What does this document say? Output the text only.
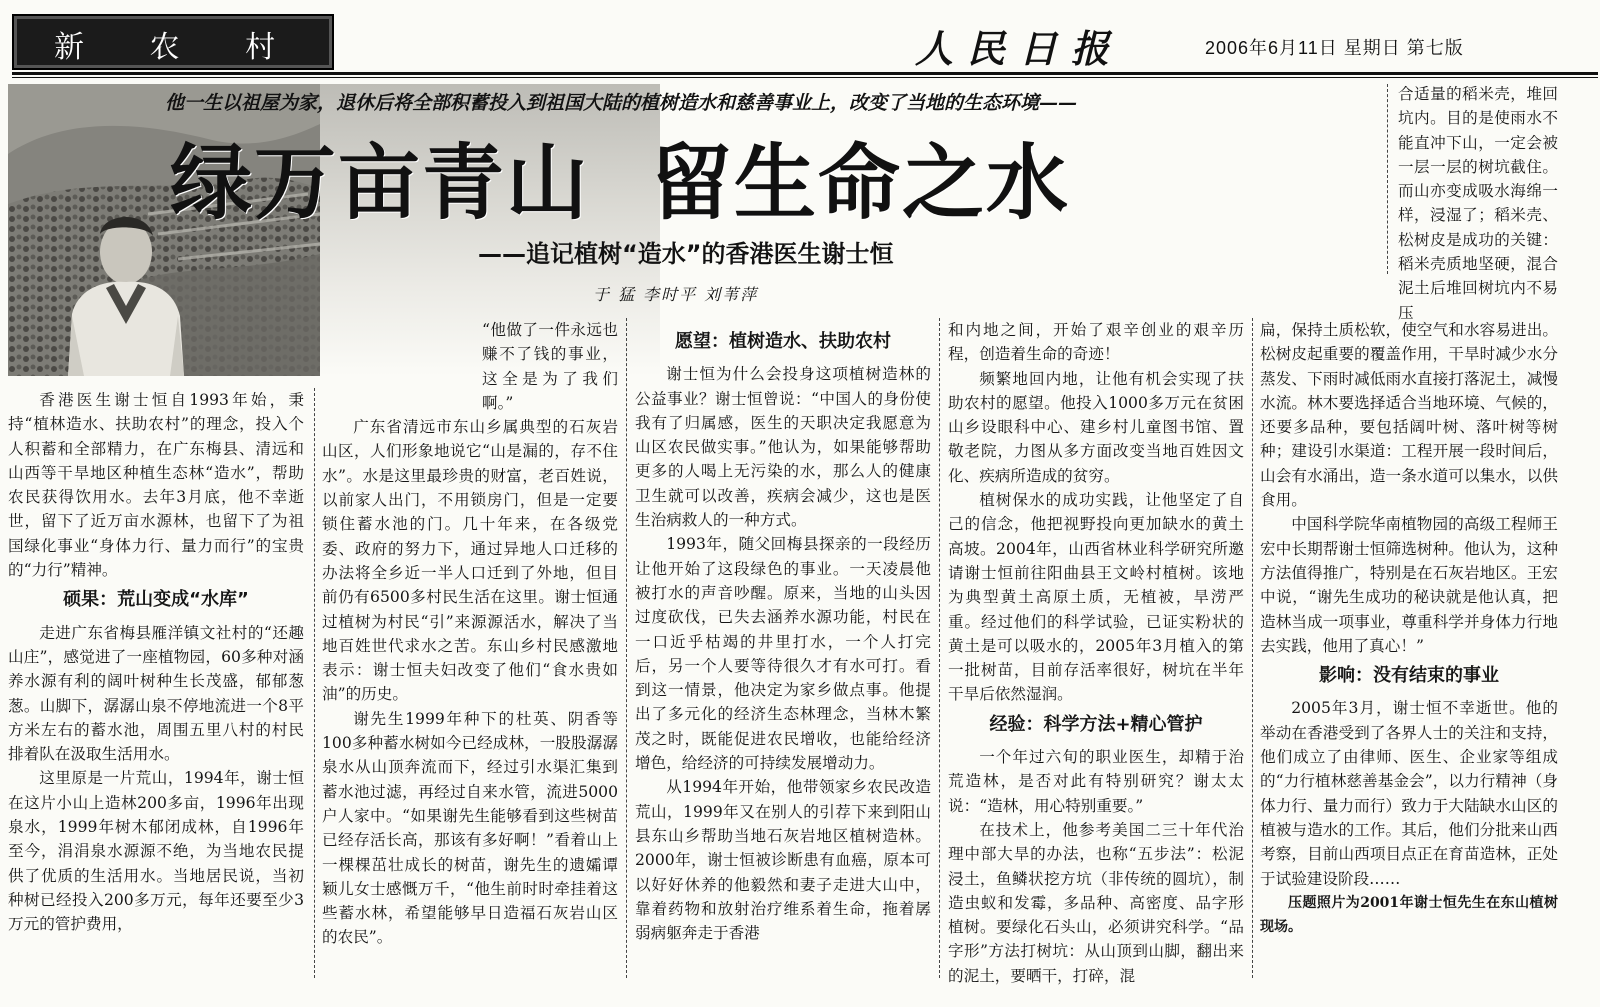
新 农 村	人民日报	2006年6月11日 星期日 第七版
他一生以祖屋为家，退休后将全部积蓄投入到祖国大陆的植树造水和慈善事业上，改变了当地的生态环境——
绿万亩青山 留生命之水
——追记植树“造水”的香港医生谢士恒
于 猛 李时平 刘苇萍

合适量的稻米壳，堆回坑内。目的是使雨水不能直冲下山，一定会被一层一层的树坑截住。而山亦变成吸水海绵一样，浸湿了；稻米壳、松树皮是成功的关键：稻米壳质地坚硬，混合泥土后堆回树坑内不易压

香港医生谢士恒自1993年始，秉持“植林造水、扶助农村”的理念，投入个人积蓄和全部精力，在广东梅县、清远和山西等干旱地区种植生态林“造水”，帮助农民获得饮用水。去年3月底，他不幸逝世，留下了近万亩水源林，也留下了为祖国绿化事业“身体力行、量力而行”的宝贵的“力行”精神。

硕果：荒山变成“水库”

走进广东省梅县雁洋镇文社村的“还趣山庄”，感觉进了一座植物园，60多种对涵养水源有利的阔叶树种生长茂盛，郁郁葱葱。山脚下，潺潺山泉不停地流进一个8平方米左右的蓄水池，周围五里八村的村民排着队在汲取生活用水。

这里原是一片荒山，1994年，谢士恒在这片小山上造林200多亩，1996年出现泉水，1999年树木郁闭成林，自1996年至今，涓涓泉水源源不绝，为当地农民提供了优质的生活用水。当地居民说，当初种树已经投入200多万元，每年还要至少3万元的管护费用，

“他做了一件永远也赚不了钱的事业，这全是为了我们啊。”

广东省清远市东山乡属典型的石灰岩山区，人们形象地说它“山是漏的，存不住水”。水是这里最珍贵的财富，老百姓说，以前家人出门，不用锁房门，但是一定要锁住蓄水池的门。几十年来，在各级党委、政府的努力下，通过异地人口迁移的办法将全乡近一半人口迁到了外地，但目前仍有6500多村民生活在这里。谢士恒通过植树为村民“引”来源源活水，解决了当地百姓世代求水之苦。东山乡村民感激地表示：谢士恒夫妇改变了他们“食水贵如油”的历史。

谢先生1999年种下的杜英、阴香等100多种蓄水树如今已经成林，一股股潺潺泉水从山顶奔流而下，经过引水渠汇集到蓄水池过滤，再经过自来水管，流进5000户人家中。“如果谢先生能够看到这些树苗已经存活长高，那该有多好啊！”看着山上一棵棵茁壮成长的树苗，谢先生的遗孀谭颖儿女士感慨万千，“他生前时时牵挂着这些蓄水林，希望能够早日造福石灰岩山区的农民”。

愿望：植树造水、扶助农村

谢士恒为什么会投身这项植树造林的公益事业？谢士恒曾说：“中国人的身份使我有了归属感，医生的天职决定我愿意为山区农民做实事。”他认为，如果能够帮助更多的人喝上无污染的水，那么人的健康卫生就可以改善，疾病会减少，这也是医生治病救人的一种方式。

1993年，随父回梅县探亲的一段经历让他开始了这段绿色的事业。一天凌晨他被打水的声音吵醒。原来，当地的山头因过度砍伐，已失去涵养水源功能，村民在一口近乎枯竭的井里打水，一个人打完后，另一个人要等待很久才有水可打。看到这一情景，他决定为家乡做点事。他提出了多元化的经济生态林理念，当林木繁茂之时，既能促进农民增收，也能给经济增色，给经济的可持续发展增动力。

从1994年开始，他带领家乡农民改造荒山，1999年又在别人的引荐下来到阳山县东山乡帮助当地石灰岩地区植树造林。2000年，谢士恒被诊断患有血癌，原本可以好好休养的他毅然和妻子走进大山中，靠着药物和放射治疗维系着生命，拖着孱弱病躯奔走于香港

和内地之间，开始了艰辛创业的艰辛历程，创造着生命的奇迹！

频繁地回内地，让他有机会实现了扶助农村的愿望。他投入1000多万元在贫困山乡设眼科中心、建乡村儿童图书馆、置敬老院，力图从多方面改变当地百姓因文化、疾病所造成的贫穷。

植树保水的成功实践，让他坚定了自己的信念，他把视野投向更加缺水的黄土高坡。2004年，山西省林业科学研究所邀请谢士恒前往阳曲县王文岭村植树。该地为典型黄土高原土质，无植被，旱涝严重。经过他们的科学试验，已证实粉状的黄土是可以吸水的，2005年3月植入的第一批树苗，目前存活率很好，树坑在半年干旱后依然湿润。

经验：科学方法+精心管护

一个年过六旬的职业医生，却精于治荒造林，是否对此有特别研究？谢太太说：“造林，用心特别重要。”

在技术上，他参考美国二三十年代治理中部大旱的办法，也称“五步法”：松泥浸土，鱼鳞状挖方坑（非传统的圆坑），制造虫蚁和发霉，多品种、高密度、品字形植树。要绿化石头山，必须讲究科学。“品字形”方法打树坑：从山顶到山脚，翻出来的泥土，要晒干，打碎，混

扁，保持土质松软，使空气和水容易进出。松树皮起重要的覆盖作用，干旱时减少水分蒸发、下雨时减低雨水直接打落泥土，减慢水流。林木要选择适合当地环境、气候的，还要多品种，要包括阔叶树、落叶树等树种；建设引水渠道：工程开展一段时间后，山会有水涌出，造一条水道可以集水，以供食用。

中国科学院华南植物园的高级工程师王宏中长期帮谢士恒筛选树种。他认为，这种方法值得推广，特别是在石灰岩地区。王宏中说，“谢先生成功的秘诀就是他认真，把造林当成一项事业，尊重科学并身体力行地去实践，他用了真心！”

影响：没有结束的事业

2005年3月，谢士恒不幸逝世。他的举动在香港受到了各界人士的关注和支持，他们成立了由律师、医生、企业家等组成的“力行植林慈善基金会”，以力行精神（身体力行、量力而行）致力于大陆缺水山区的植被与造水的工作。其后，他们分批来山西考察，目前山西项目点正在育苗造林，正处于试验建设阶段……

压题照片为2001年谢士恒先生在东山植树现场。
